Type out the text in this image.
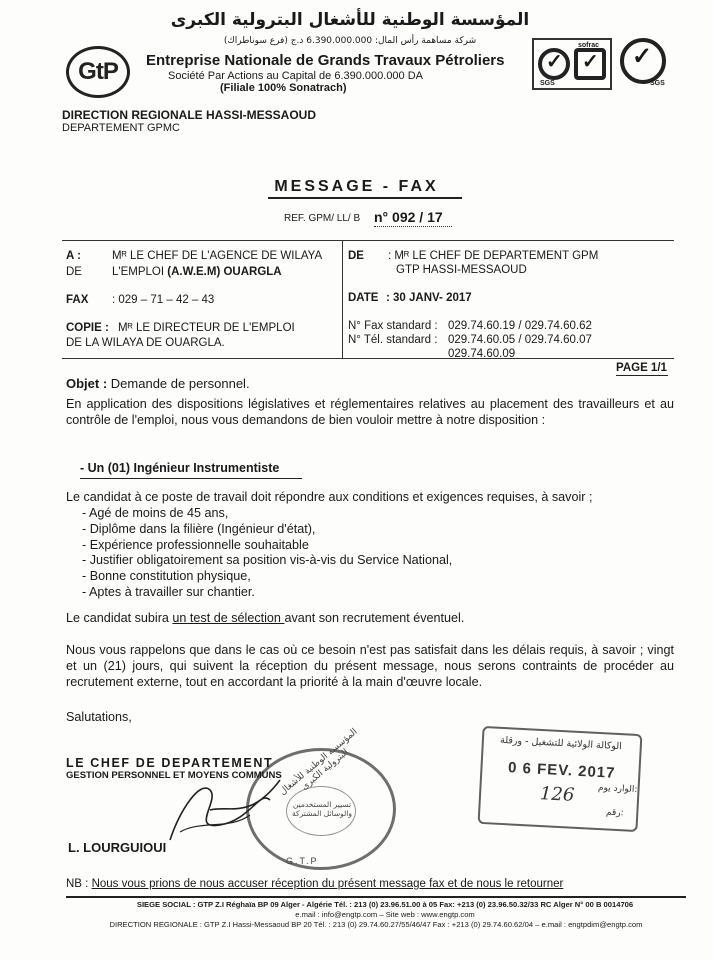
المؤسسة الوطنية للأشغال البترولية الكبرى
شركة مساهمة رأس المال: 6.390.000.000 د.ج (فرع سوناطراك)
GtP Entreprise Nationale de Grands Travaux Pétroliers
Société Par Actions au Capital de 6.390.000.000 DA
(Filiale 100% Sonatrach)
✓
✓
sofrac
SGS
✓	SGS
DIRECTION REGIONALE HASSI-MESSAOUD
DEPARTEMENT GPMC
MESSAGE - FAX
REF. GPM/ LL/ B n° 092 / 17
A :	Mᴿ LE CHEF DE L'AGENCE DE WILAYA
DE	L'EMPLOI (A.W.E.M) OUARGLA
FAX : 029 – 71 – 42 – 43
COPIE : Mᴿ LE DIRECTEUR DE L'EMPLOI
DE LA WILAYA DE OUARGLA.
DE : Mᴿ LE CHEF DE DEPARTEMENT GPM
GTP HASSI-MESSAOUD
DATE : 30 JANV- 2017
N° Fax standard : 029.74.60.19 / 029.74.60.62
N° Tél. standard : 029.74.60.05 / 029.74.60.07
029.74.60.09
PAGE 1/1
Objet : Demande de personnel.
En application des dispositions législatives et réglementaires relatives au placement des travailleurs et au contrôle de l'emploi, nous vous demandons de bien vouloir mettre à notre disposition :
- Un (01) Ingénieur Instrumentiste
Le candidat à ce poste de travail doit répondre aux conditions et exigences requises, à savoir ;
- Agé de moins de 45 ans,
- Diplôme dans la filière (Ingénieur d'état),
- Expérience professionnelle souhaitable
- Justifier obligatoirement sa position vis-à-vis du Service National,
- Bonne constitution physique,
- Aptes à travailler sur chantier.
Le candidat subira un test de sélection avant son recrutement éventuel.
Nous vous rappelons que dans le cas où ce besoin n'est pas satisfait dans les délais requis, à savoir ; vingt et un (21) jours, qui suivent la réception du présent message, nous serons contraints de procéder au recrutement externe, tout en accordant la priorité à la main d'œuvre locale.
Salutations,
المؤسسة الوطنية للأشغال البترولية الكبرى
تسيير المستخدمين والوسائل المشتركة
G.T.P
LE CHEF DE DEPARTEMENT
GESTION PERSONNEL ET MOYENS COMMUNS
L. LOURGUIOUI
الوكالة الولائية للتشغيل - ورقلة
0 6 FEV. 2017
الوارد يوم:
126
رقم:
NB : Nous vous prions de nous accuser réception du présent message fax et de nous le retourner
SIEGE SOCIAL : GTP Z.I Réghaïa BP 09 Alger - Algérie Tél. : 213 (0) 23.96.51.00 à 05 Fax: +213 (0) 23.96.50.32/33 RC Alger N° 00 B 0014706
e.mail : info@engtp.com – Site web : www.engtp.com
DIRECTION REGIONALE : GTP Z.I Hassi-Messaoud BP 20 Tél. : 213 (0) 29.74.60.27/55/46/47 Fax : +213 (0) 29.74.60.62/04 – e.mail : engtpdim@engtp.com
